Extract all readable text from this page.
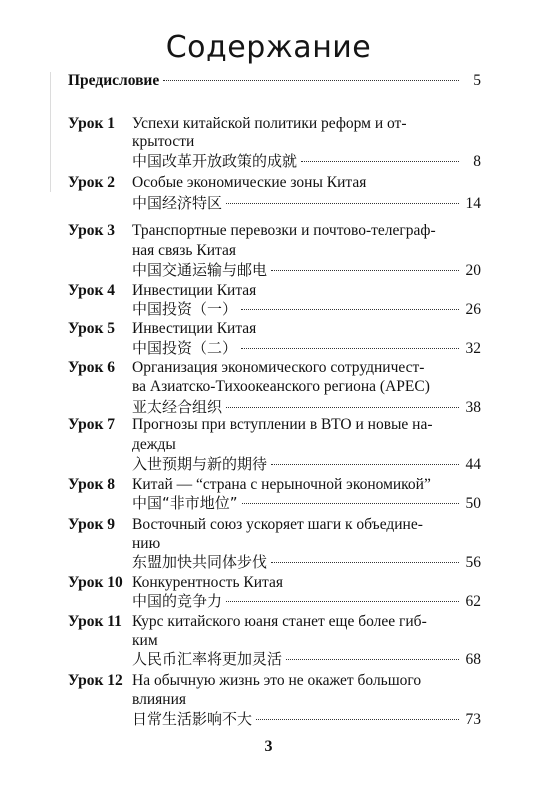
Содержание
Предисловие	5
Урок 1 Успехи китайской политики реформ и от-
крытости
中国改革开放政策的成就	8
Урок 2 Особые экономические зоны Китая
中国经济特区	14
Урок 3 Транспортные перевозки и почтово-телеграф-
ная связь Китая
中国交通运输与邮电	20
Урок 4 Инвестиции Китая
中国投资（一）	26
Урок 5 Инвестиции Китая
中国投资（二）	32
Урок 6 Организация экономического сотрудничест-
ва Азиатско-Тихоокеанского региона (АРЕС)
亚太经合组织	38
Урок 7 Прогнозы при вступлении в ВТО и новые на-
дежды
入世预期与新的期待	44
Урок 8 Китай — “страна с нерыночной экономикой”
中国“非市地位”	50
Урок 9 Восточный союз ускоряет шаги к объедине-
нию
东盟加快共同体步伐	56
Урок 10 Конкурентность Китая
中国的竞争力	62
Урок 11 Курс китайского юаня станет еще более гиб-
ким
人民币汇率将更加灵活	68
Урок 12 На обычную жизнь это не окажет большого
влияния
日常生活影响不大	73
3
